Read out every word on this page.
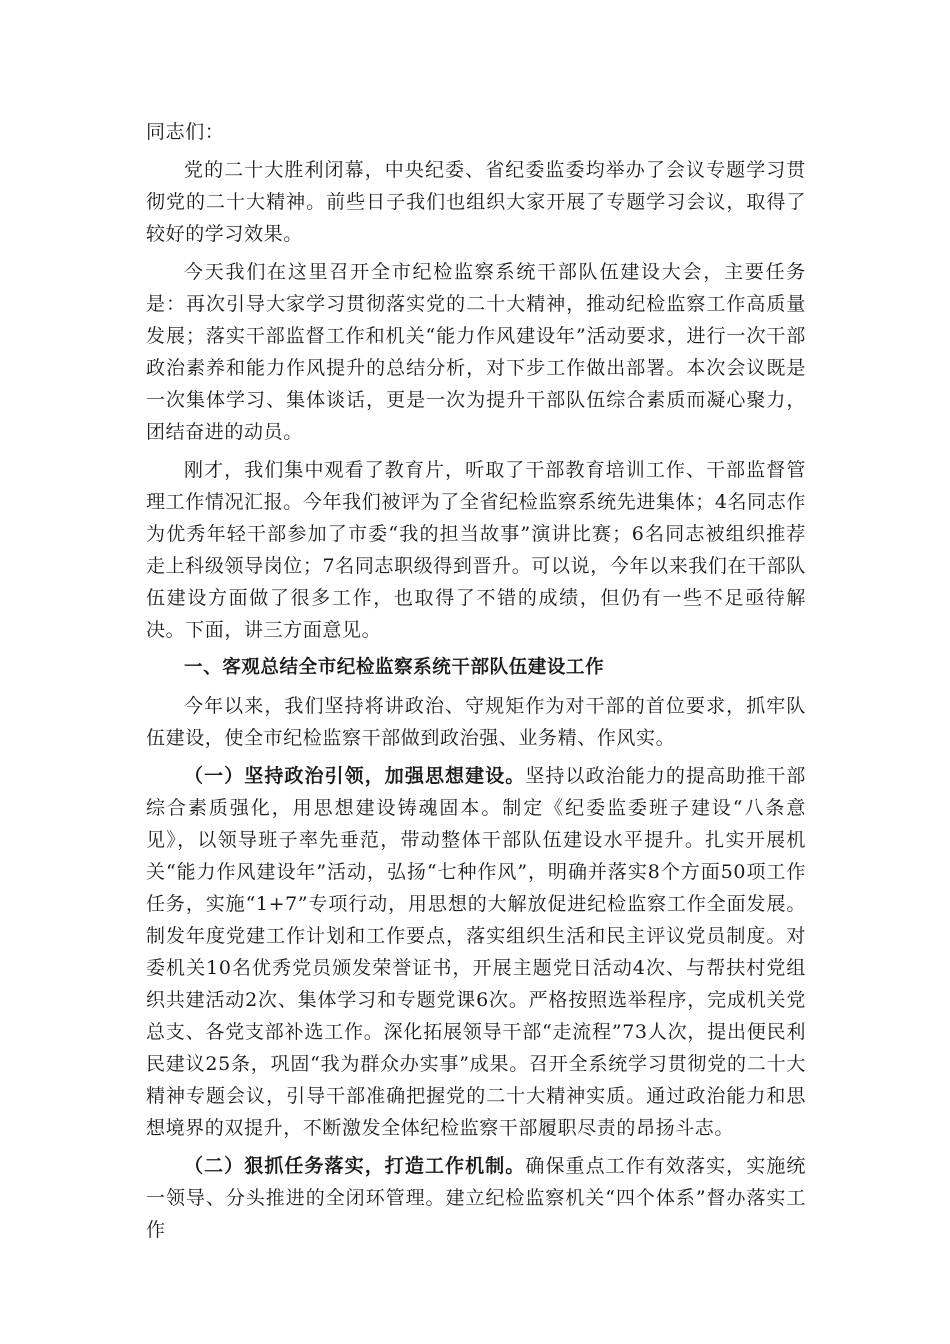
同志们：

党的二十大胜利闭幕，中央纪委、省纪委监委均举办了会议专题学习贯彻党的二十大精神。前些日子我们也组织大家开展了专题学习会议，取得了较好的学习效果。

今天我们在这里召开全市纪检监察系统干部队伍建设大会，主要任务是：再次引导大家学习贯彻落实党的二十大精神，推动纪检监察工作高质量发展；落实干部监督工作和机关“能力作风建设年”活动要求，进行一次干部政治素养和能力作风提升的总结分析，对下步工作做出部署。本次会议既是一次集体学习、集体谈话，更是一次为提升干部队伍综合素质而凝心聚力，团结奋进的动员。

刚才，我们集中观看了教育片，听取了干部教育培训工作、干部监督管理工作情况汇报。今年我们被评为了全省纪检监察系统先进集体；4名同志作为优秀年轻干部参加了市委“我的担当故事”演讲比赛；6名同志被组织推荐走上科级领导岗位；7名同志职级得到晋升。可以说，今年以来我们在干部队伍建设方面做了很多工作，也取得了不错的成绩，但仍有一些不足亟待解决。下面，讲三方面意见。

一、客观总结全市纪检监察系统干部队伍建设工作

今年以来，我们坚持将讲政治、守规矩作为对干部的首位要求，抓牢队伍建设，使全市纪检监察干部做到政治强、业务精、作风实。

（一）坚持政治引领，加强思想建设。坚持以政治能力的提高助推干部综合素质强化，用思想建设铸魂固本。制定《纪委监委班子建设“八条意见》，以领导班子率先垂范，带动整体干部队伍建设水平提升。扎实开展机关“能力作风建设年”活动，弘扬“七种作风”，明确并落实8个方面50项工作任务，实施“1+7”专项行动，用思想的大解放促进纪检监察工作全面发展。制发年度党建工作计划和工作要点，落实组织生活和民主评议党员制度。对委机关10名优秀党员颁发荣誉证书，开展主题党日活动4次、与帮扶村党组织共建活动2次、集体学习和专题党课6次。严格按照选举程序，完成机关党总支、各党支部补选工作。深化拓展领导干部“走流程”73人次，提出便民利民建议25条，巩固“我为群众办实事”成果。召开全系统学习贯彻党的二十大精神专题会议，引导干部准确把握党的二十大精神实质。通过政治能力和思想境界的双提升，不断激发全体纪检监察干部履职尽责的昂扬斗志。

（二）狠抓任务落实，打造工作机制。确保重点工作有效落实，实施统一领导、分头推进的全闭环管理。建立纪检监察机关“四个体系”督办落实工作
